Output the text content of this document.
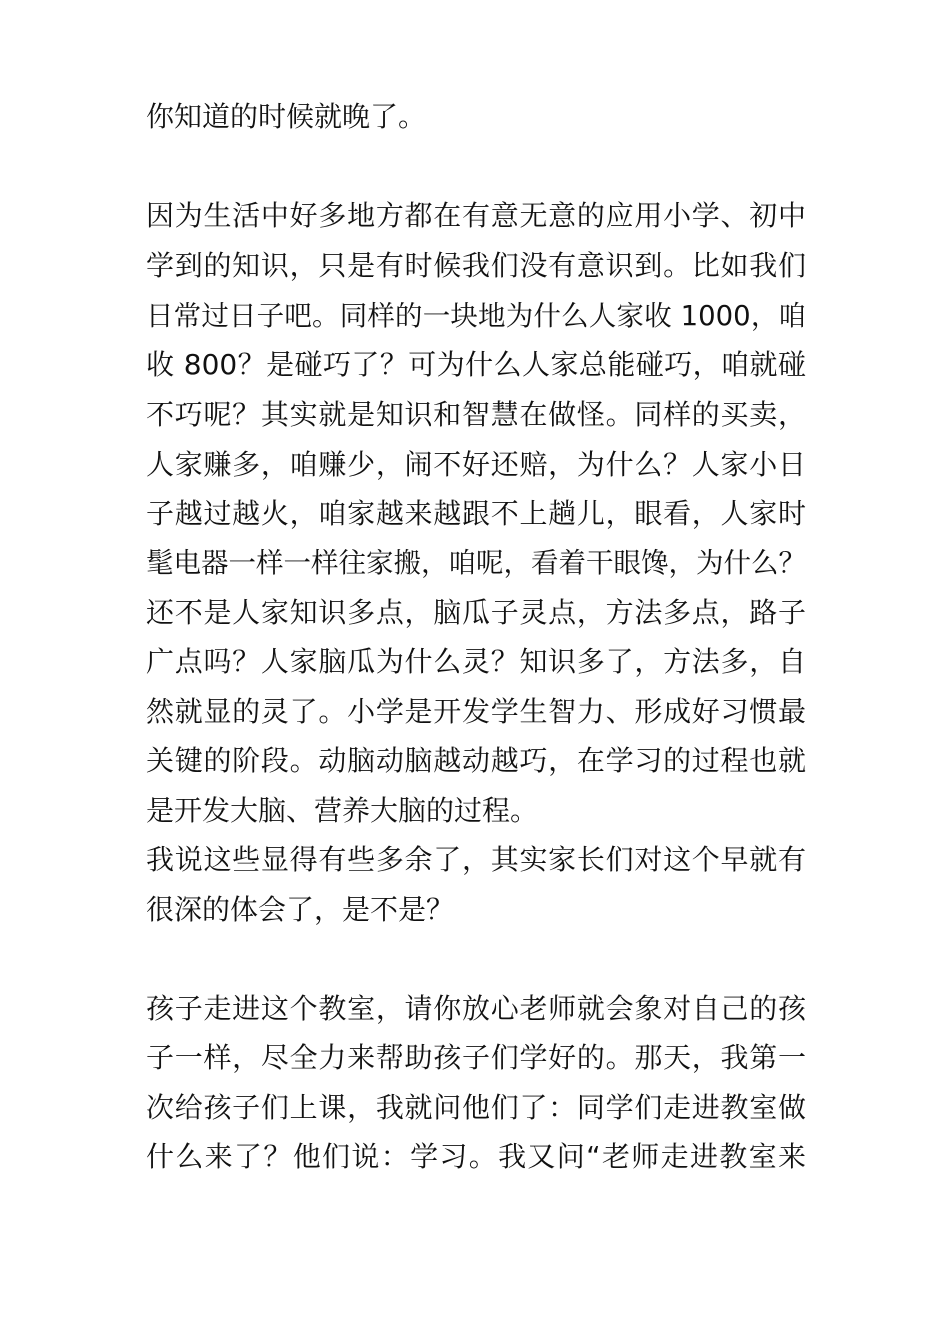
你知道的时候就晚了。
因为生活中好多地方都在有意无意的应用小学、初中
学到的知识，只是有时候我们没有意识到。比如我们
日常过日子吧。同样的一块地为什么人家收 1000，咱
收 800？是碰巧了？可为什么人家总能碰巧，咱就碰
不巧呢？其实就是知识和智慧在做怪。同样的买卖，
人家赚多，咱赚少，闹不好还赔，为什么？人家小日
子越过越火，咱家越来越跟不上趟儿，眼看，人家时
髦电器一样一样往家搬，咱呢，看着干眼馋，为什么？
还不是人家知识多点，脑瓜子灵点，方法多点，路子
广点吗？人家脑瓜为什么灵？知识多了，方法多，自
然就显的灵了。小学是开发学生智力、形成好习惯最
关键的阶段。动脑动脑越动越巧，在学习的过程也就
是开发大脑、营养大脑的过程。
我说这些显得有些多余了，其实家长们对这个早就有
很深的体会了，是不是？
孩子走进这个教室，请你放心老师就会象对自己的孩
子一样，尽全力来帮助孩子们学好的。那天，我第一
次给孩子们上课，我就问他们了：同学们走进教室做
什么来了？他们说：学习。我又问“老师走进教室来
